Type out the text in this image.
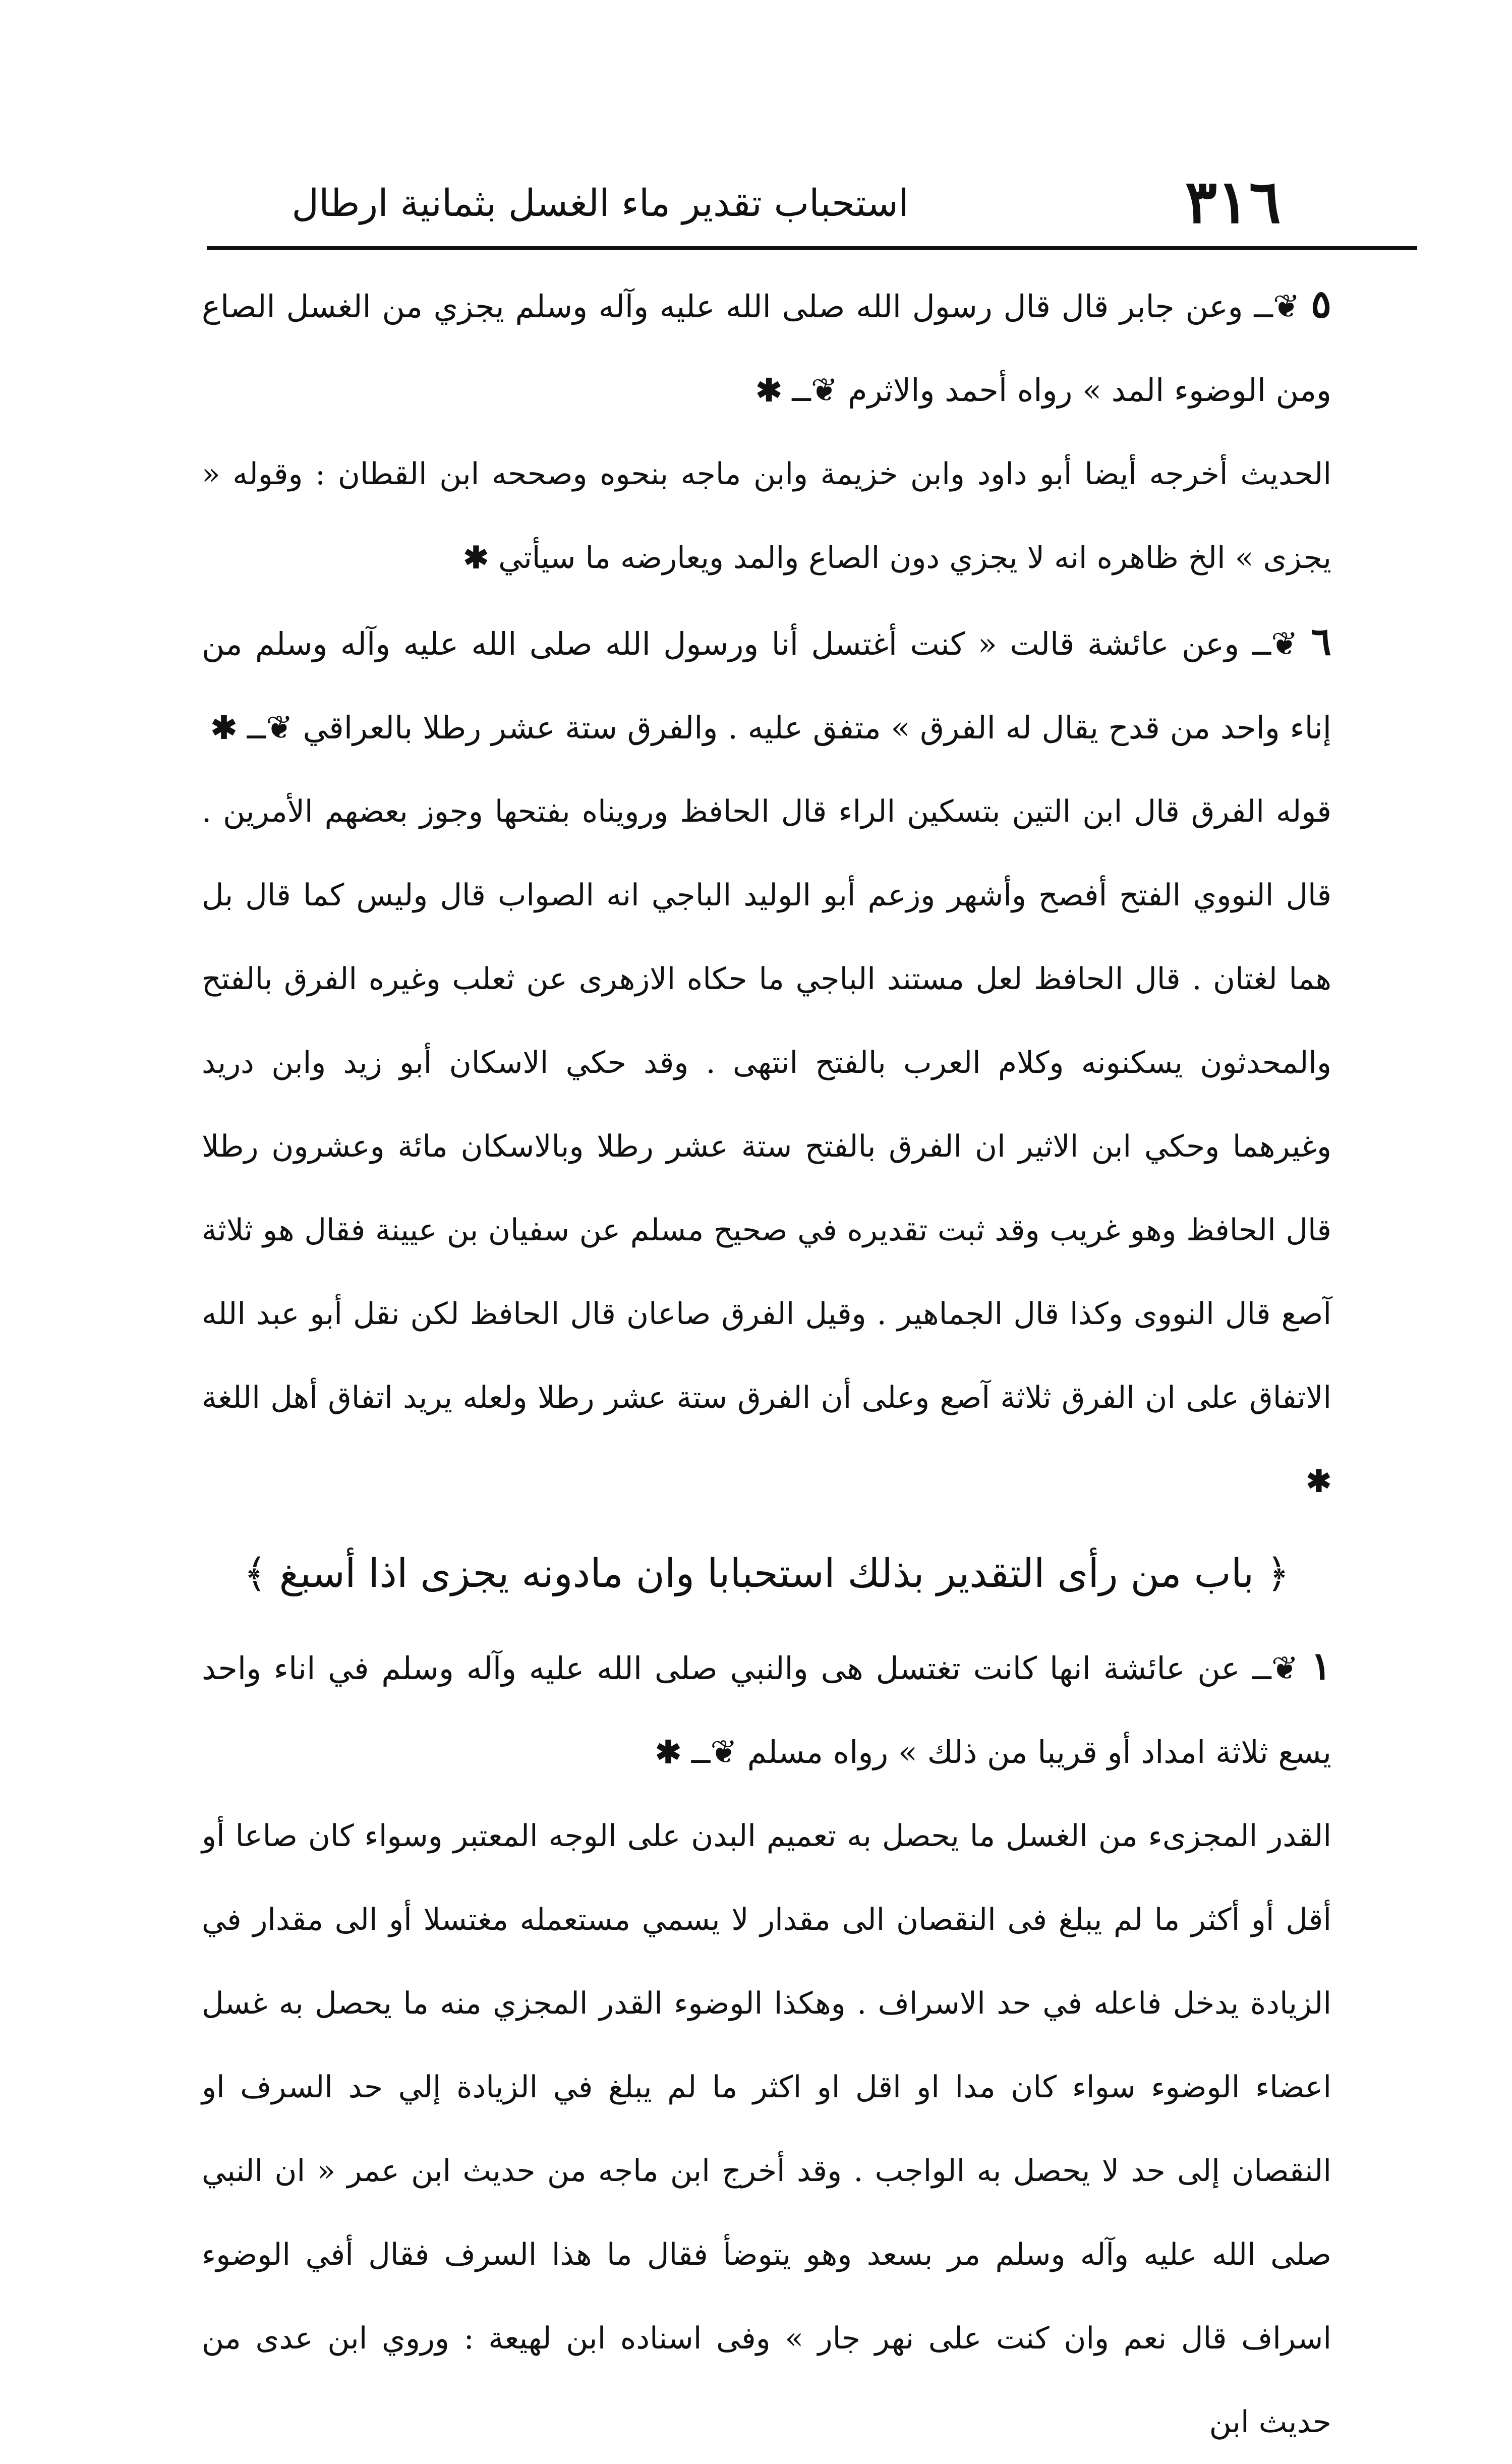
٣١٦
استحباب تقدير ماء الغسل بثمانية ارطال

٥ ❦ــ وعن جابر قال قال رسول الله صلى الله عليه وآله وسلم يجزي من الغسل الصاع ومن الوضوء المد » رواه أحمد والاثرم ❦ــ ✱

الحديث أخرجه أيضا أبو داود وابن خزيمة وابن ماجه بنحوه وصححه ابن القطان : وقوله « يجزى » الخ ظاهره انه لا يجزي دون الصاع والمد ويعارضه ما سيأتي ✱

٦ ❦ــ وعن عائشة قالت « كنت أغتسل أنا ورسول الله صلى الله عليه وآله وسلم من إناء واحد من قدح يقال له الفرق » متفق عليه . والفرق ستة عشر رطلا بالعراقي ❦ــ ✱

قوله الفرق قال ابن التين بتسكين الراء قال الحافظ ورويناه بفتحها وجوز بعضهم الأمرين . قال النووي الفتح أفصح وأشهر وزعم أبو الوليد الباجي انه الصواب قال وليس كما قال بل هما لغتان . قال الحافظ لعل مستند الباجي ما حكاه الازهرى عن ثعلب وغيره الفرق بالفتح والمحدثون يسكنونه وكلام العرب بالفتح انتهى . وقد حكي الاسكان أبو زيد وابن دريد وغيرهما وحكي ابن الاثير ان الفرق بالفتح ستة عشر رطلا وبالاسكان مائة وعشرون رطلا قال الحافظ وهو غريب وقد ثبت تقديره في صحيح مسلم عن سفيان بن عيينة فقال هو ثلاثة آصع قال النووى وكذا قال الجماهير . وقيل الفرق صاعان قال الحافظ لكن نقل أبو عبد الله الاتفاق على ان الفرق ثلاثة آصع وعلى أن الفرق ستة عشر رطلا ولعله يريد اتفاق أهل اللغة ✱

﴿ باب من رأى التقدير بذلك استحبابا وان مادونه يجزى اذا أسبغ ﴾

١ ❦ــ عن عائشة انها كانت تغتسل هى والنبي صلى الله عليه وآله وسلم في اناء واحد يسع ثلاثة امداد أو قريبا من ذلك » رواه مسلم ❦ــ ✱

القدر المجزىء من الغسل ما يحصل به تعميم البدن على الوجه المعتبر وسواء كان صاعا أو أقل أو أكثر ما لم يبلغ فى النقصان الى مقدار لا يسمي مستعمله مغتسلا أو الى مقدار في الزيادة يدخل فاعله في حد الاسراف . وهكذا الوضوء القدر المجزي منه ما يحصل به غسل اعضاء الوضوء سواء كان مدا او اقل او اكثر ما لم يبلغ في الزيادة إلي حد السرف او النقصان إلى حد لا يحصل به الواجب . وقد أخرج ابن ماجه من حديث ابن عمر « ان النبي صلى الله عليه وآله وسلم مر بسعد وهو يتوضأ فقال ما هذا السرف فقال أفي الوضوء اسراف قال نعم وان كنت على نهر جار » وفى اسناده ابن لهيعة : وروي ابن عدى من حديث ابن
